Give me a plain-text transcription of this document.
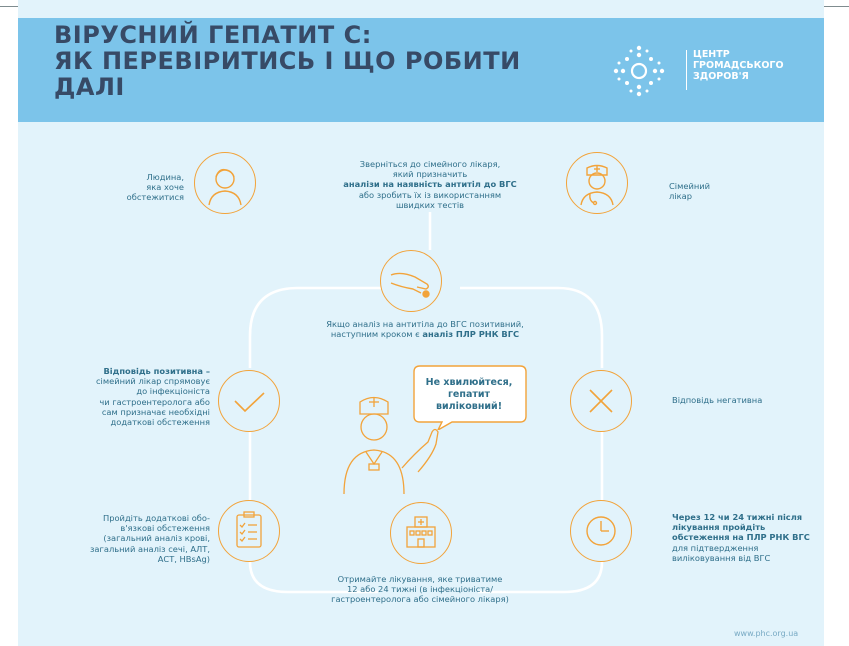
ВІРУСНИЙ ГЕПАТИТ С:
ЯК ПЕРЕВІРИТИСЬ І ЩО РОБИТИ
ДАЛІ
ЦЕНТР
ГРОМАДСЬКОГО
ЗДОРОВ'Я
Людина,
яка хоче
обстежитися
Зверніться до сімейного лікаря,
який призначить
аналізи на наявність антитіл до ВГС
або зробить їх із використанням
швидких тестів
Сімейний
лікар
Якщо аналіз на антитіла до ВГС позитивний,
наступним кроком є аналіз ПЛР РНК ВГС
Відповідь позитивна –
сімейний лікар спрямовує
до інфекціоніста
чи гастроентеролога або
сам призначає необхідні
додаткові обстеження
Відповідь негативна
Не хвилюйтеся,
гепатит
виліковний!
Пройдіть додаткові обо-
в'язкові обстеження
(загальний аналіз крові,
загальний аналіз сечі, АЛТ,
АСТ, HBsAg)
Отримайте лікування, яке триватиме
12 або 24 тижні (в інфекціоніста/
гастроентеролога або сімейного лікаря)
Через 12 чи 24 тижні після
лікування пройдіть
обстеження на ПЛР РНК ВГС
для підтвердження
виліковування від ВГС
www.phc.org.ua
